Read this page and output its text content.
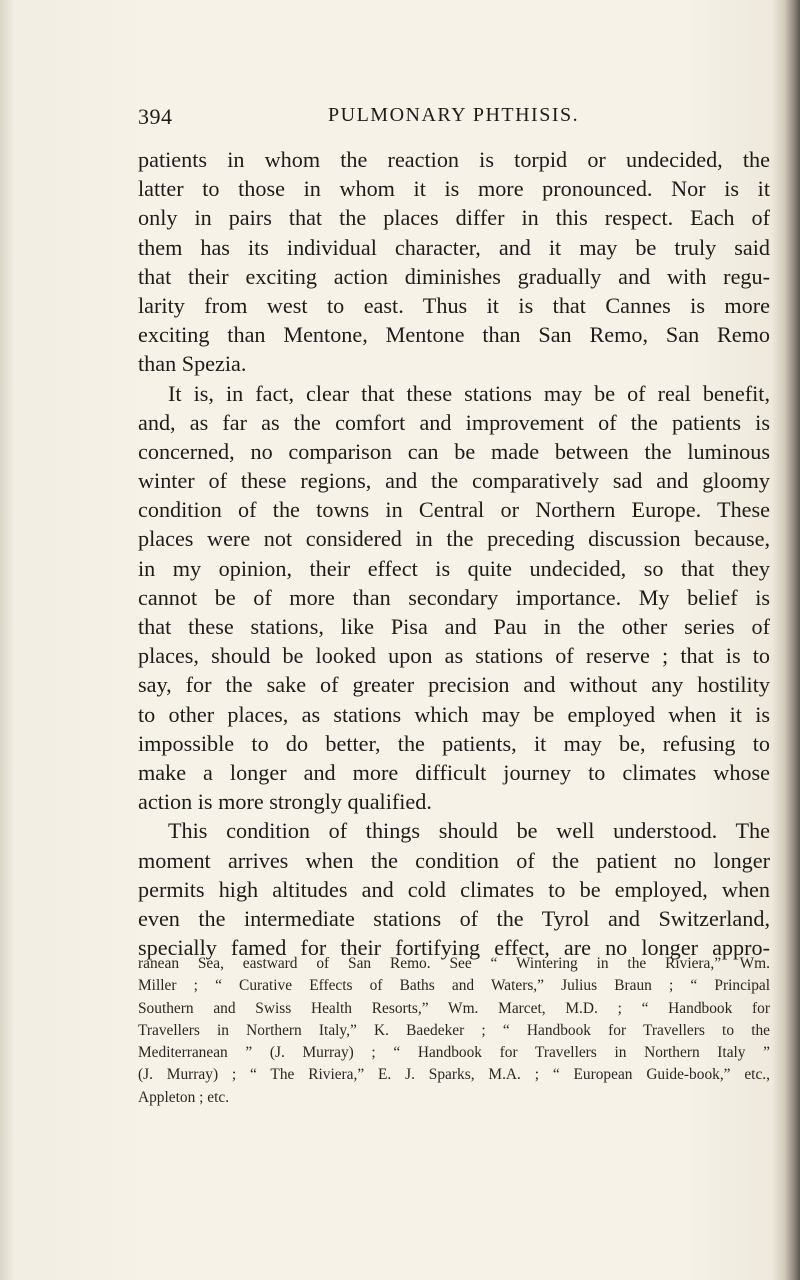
394	PULMONARY PHTHISIS.
patients in whom the reaction is torpid or undecided, the
latter to those in whom it is more pronounced. Nor is it
only in pairs that the places differ in this respect. Each of
them has its individual character, and it may be truly said
that their exciting action diminishes gradually and with regu-
larity from west to east. Thus it is that Cannes is more
exciting than Mentone, Mentone than San Remo, San Remo
than Spezia.
It is, in fact, clear that these stations may be of real benefit,
and, as far as the comfort and improvement of the patients is
concerned, no comparison can be made between the luminous
winter of these regions, and the comparatively sad and gloomy
condition of the towns in Central or Northern Europe. These
places were not considered in the preceding discussion because,
in my opinion, their effect is quite undecided, so that they
cannot be of more than secondary importance. My belief is
that these stations, like Pisa and Pau in the other series of
places, should be looked upon as stations of reserve ; that is to
say, for the sake of greater precision and without any hostility
to other places, as stations which may be employed when it is
impossible to do better, the patients, it may be, refusing to
make a longer and more difficult journey to climates whose
action is more strongly qualified.
This condition of things should be well understood. The
moment arrives when the condition of the patient no longer
permits high altitudes and cold climates to be employed, when
even the intermediate stations of the Tyrol and Switzerland,
specially famed for their fortifying effect, are no longer appro-
ranean Sea, eastward of San Remo. See “ Wintering in the Riviera,” Wm.
Miller ; “ Curative Effects of Baths and Waters,” Julius Braun ; “ Principal
Southern and Swiss Health Resorts,” Wm. Marcet, M.D. ; “ Handbook for
Travellers in Northern Italy,” K. Baedeker ; “ Handbook for Travellers to the
Mediterranean ” (J. Murray) ; “ Handbook for Travellers in Northern Italy ”
(J. Murray) ; “ The Riviera,” E. J. Sparks, M.A. ; “ European Guide-book,” etc.,
Appleton ; etc.
